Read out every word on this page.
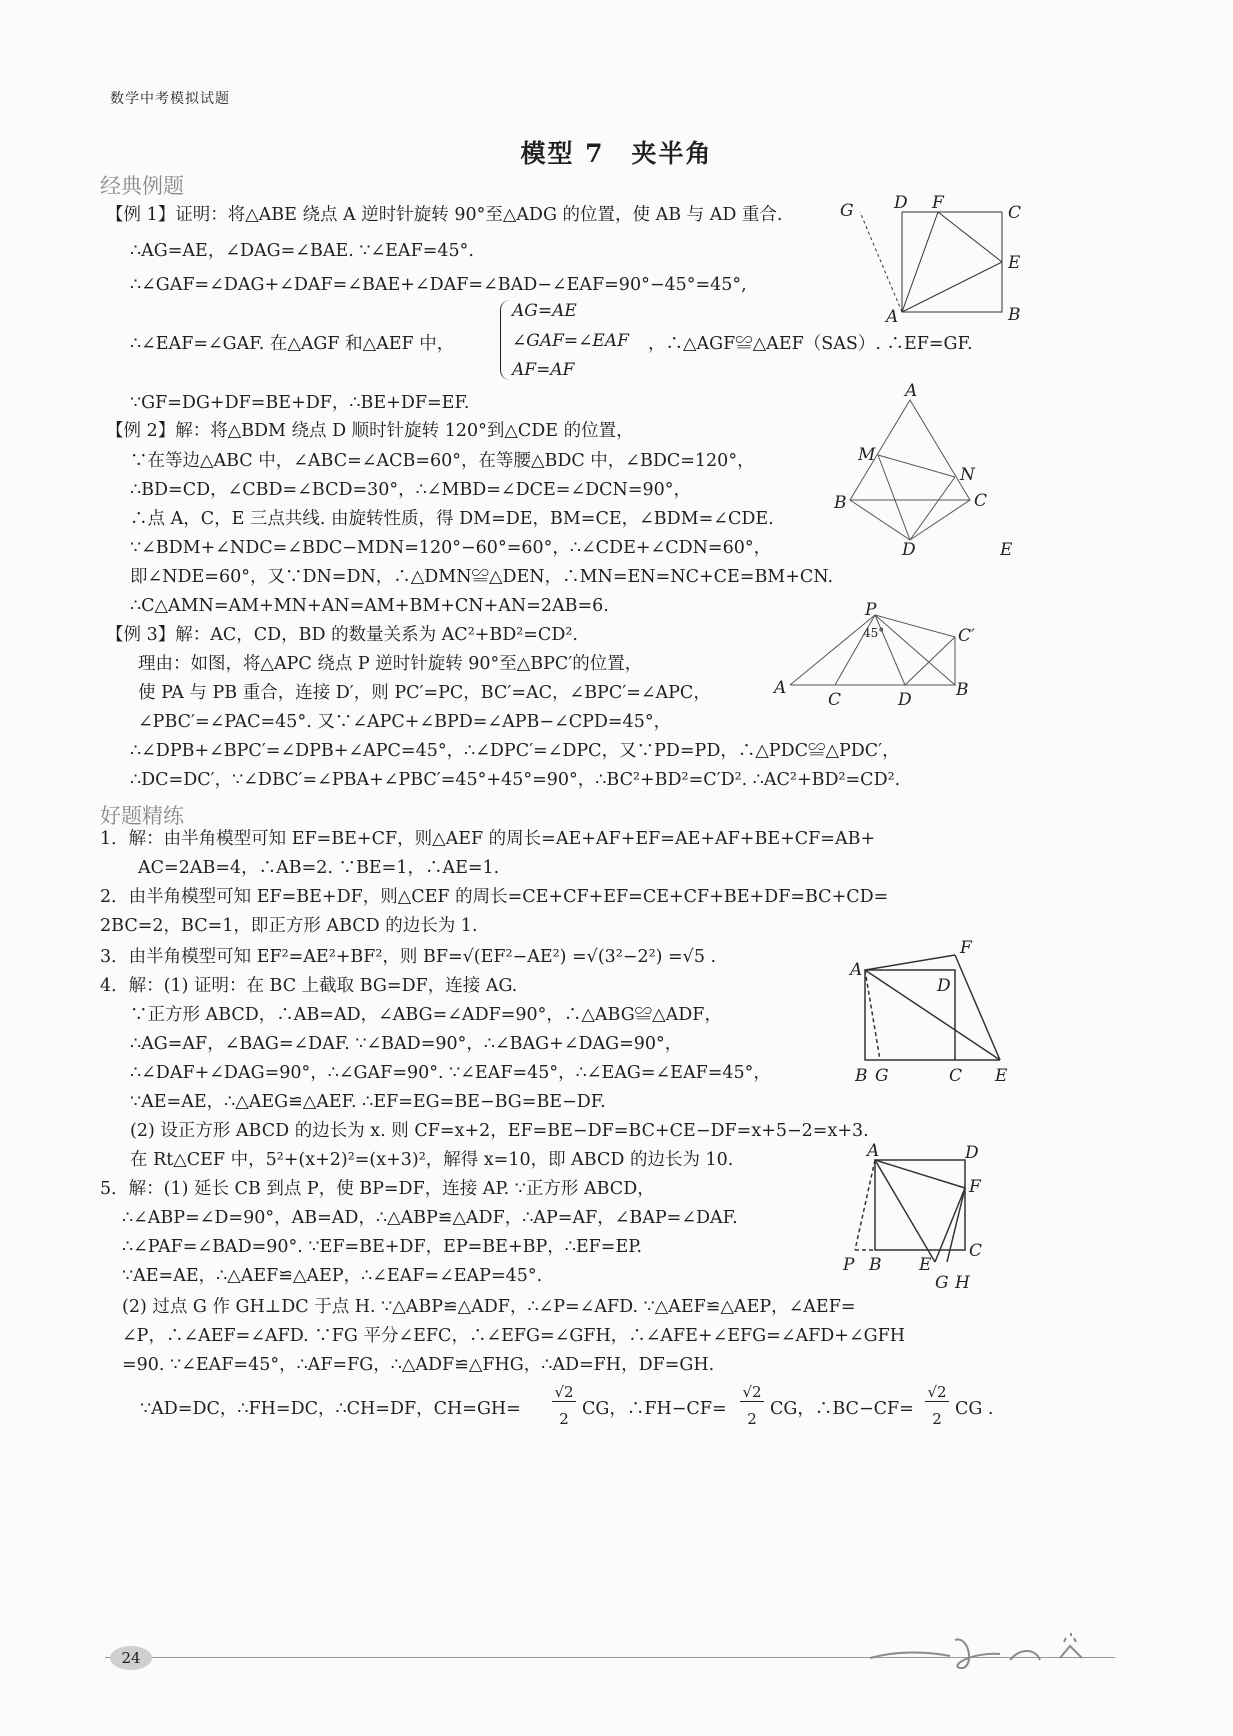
数学中考模拟试题
模型 7　夹半角
经典例题
好题精练
【例 1】证明：将△ABE 绕点 A 逆时针旋转 90°至△ADG 的位置，使 AB 与 AD 重合.
∴AG=AE，∠DAG=∠BAE. ∵∠EAF=45°.
∴∠GAF=∠DAG+∠DAF=∠BAE+∠DAF=∠BAD−∠EAF=90°−45°=45°,
∴∠EAF=∠GAF. 在△AGF 和△AEF 中，
AG=AE
∠GAF=∠EAF
AF=AF
，∴△AGF≌△AEF（SAS）. ∴EF=GF.
∵GF=DG+DF=BE+DF，∴BE+DF=EF.
【例 2】解：将△BDM 绕点 D 顺时针旋转 120°到△CDE 的位置，
∵在等边△ABC 中，∠ABC=∠ACB=60°，在等腰△BDC 中，∠BDC=120°，
∴BD=CD，∠CBD=∠BCD=30°，∴∠MBD=∠DCE=∠DCN=90°，
∴点 A，C，E 三点共线. 由旋转性质，得 DM=DE，BM=CE，∠BDM=∠CDE.
∵∠BDM+∠NDC=∠BDC−MDN=120°−60°=60°，∴∠CDE+∠CDN=60°，
即∠NDE=60°，又∵DN=DN，∴△DMN≌△DEN，∴MN=EN=NC+CE=BM+CN.
∴C△AMN=AM+MN+AN=AM+BM+CN+AN=2AB=6.
【例 3】解：AC，CD，BD 的数量关系为 AC²+BD²=CD².
理由：如图，将△APC 绕点 P 逆时针旋转 90°至△BPC′的位置，
使 PA 与 PB 重合，连接 D′，则 PC′=PC，BC′=AC，∠BPC′=∠APC，
∠PBC′=∠PAC=45°. 又∵∠APC+∠BPD=∠APB−∠CPD=45°，
∴∠DPB+∠BPC′=∠DPB+∠APC=45°，∴∠DPC′=∠DPC，又∵PD=PD，∴△PDC≌△PDC′，
∴DC=DC′，∵∠DBC′=∠PBA+∠PBC′=45°+45°=90°，∴BC²+BD²=C′D². ∴AC²+BD²=CD².
1．解：由半角模型可知 EF=BE+CF，则△AEF 的周长=AE+AF+EF=AE+AF+BE+CF=AB+
AC=2AB=4，∴AB=2. ∵BE=1，∴AE=1.
2．由半角模型可知 EF=BE+DF，则△CEF 的周长=CE+CF+EF=CE+CF+BE+DF=BC+CD=
2BC=2，BC=1，即正方形 ABCD 的边长为 1.
3．由半角模型可知 EF²=AE²+BF²，则 BF=√(EF²−AE²) =√(3²−2²) =√5 .
4．解：(1) 证明：在 BC 上截取 BG=DF，连接 AG.
∵正方形 ABCD，∴AB=AD，∠ABG=∠ADF=90°，∴△ABG≌△ADF，
∴AG=AF，∠BAG=∠DAF. ∵∠BAD=90°，∴∠BAG+∠DAG=90°，
∴∠DAF+∠DAG=90°，∴∠GAF=90°. ∵∠EAF=45°，∴∠EAG=∠EAF=45°，
∵AE=AE，∴△AEG≌△AEF. ∴EF=EG=BE−BG=BE−DF.
(2) 设正方形 ABCD 的边长为 x. 则 CF=x+2，EF=BE−DF=BC+CE−DF=x+5−2=x+3.
在 Rt△CEF 中，5²+(x+2)²=(x+3)²，解得 x=10，即 ABCD 的边长为 10.
5．解：(1) 延长 CB 到点 P，使 BP=DF，连接 AP. ∵正方形 ABCD，
∴∠ABP=∠D=90°，AB=AD，∴△ABP≌△ADF，∴AP=AF，∠BAP=∠DAF.
∴∠PAF=∠BAD=90°. ∵EF=BE+DF，EP=BE+BP，∴EF=EP.
∵AE=AE，∴△AEF≌△AEP，∴∠EAF=∠EAP=45°.
(2) 过点 G 作 GH⊥DC 于点 H. ∵△ABP≌△ADF，∴∠P=∠AFD. ∵△AEF≌△AEP，∠AEF=
∠P，∴∠AEF=∠AFD. ∵FG 平分∠EFC，∴∠EFG=∠GFH，∴∠AFE+∠EFG=∠AFD+∠GFH
=90. ∵∠EAF=45°，∴AF=FG，∴△ADF≌△FHG，∴AD=FH，DF=GH.
∵AD=DC，∴FH=DC，∴CH=DF，CH=GH=
√2
2 CG，∴FH−CF=
√2
2 CG，∴BC−CF=
√2
2 CG .
G D F	C
E
A	B
A
M
N
B	C
D	E
P
45°	C′
A
C	D	B
F
A
D
B G	C E
A	D
F
C
P B E
G H
24
